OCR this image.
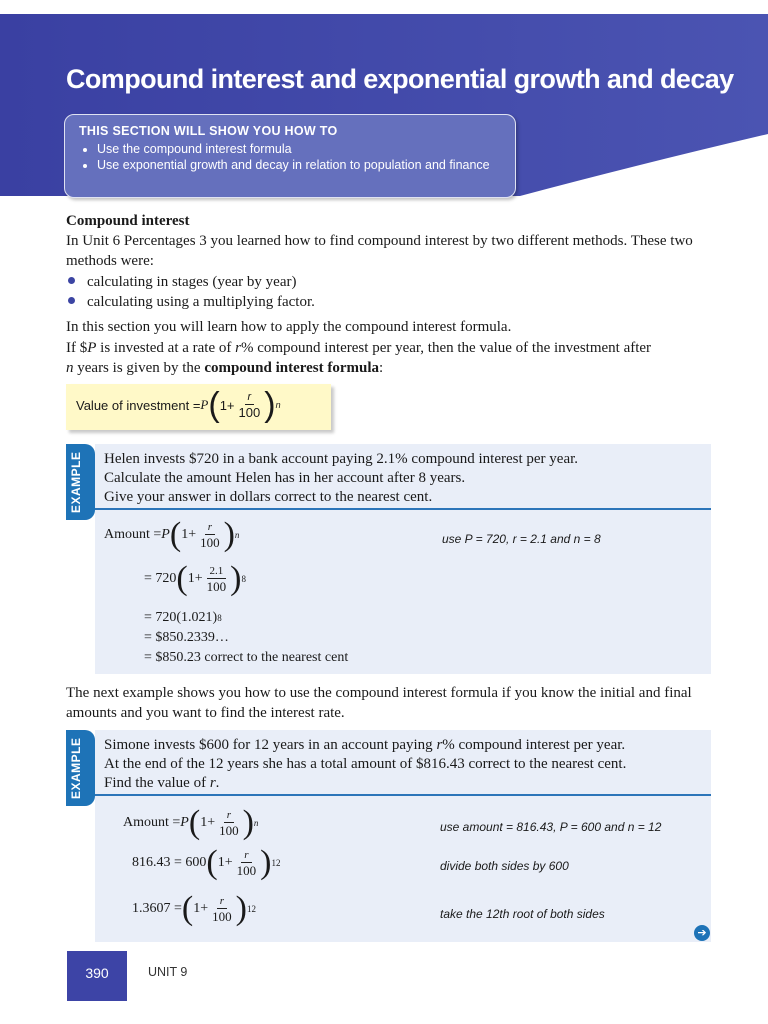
Compound interest and exponential growth and decay
THIS SECTION WILL SHOW YOU HOW TO
• Use the compound interest formula
• Use exponential growth and decay in relation to population and finance
Compound interest

In Unit 6 Percentages 3 you learned how to find compound interest by two different methods. These two methods were:

calculating in stages (year by year)
calculating using a multiplying factor.

In this section you will learn how to apply the compound interest formula.

If $P is invested at a rate of r% compound interest per year, then the value of the investment after
n years is given by the compound interest formula:

Value of investment = P ( $1+ \frac{r}{100}$ ) n
EXAMPLE	Helen invests $720 in a bank account paying 2.1% compound interest per year.
Calculate the amount Helen has in her account after 8 years.
Give your answer in dollars correct to the nearest cent.
Amount = P ( $1+ \frac{r}{100}$ ) n	use P = 720, r = 2.1 and n = 8
= 720 ( $1+ \frac{2.1}{100}$ ) 8
= 720(1.021) 8
= $850.2339…
= $850.23 correct to the nearest cent

The next example shows you how to use the compound interest formula if you know the initial and final amounts and you want to find the interest rate.

EXAMPLE	Simone invests $600 for 12 years in an account paying r% compound interest per year.
At the end of the 12 years she has a total amount of $816.43 correct to the nearest cent.
Find the value of r.
Amount = P ( $1+ \frac{r}{100}$ ) n	use amount = 816.43, P = 600 and n = 12
816.43 = 600 ( $1+ \frac{r}{100}$ ) 12	divide both sides by 600
1.3607 = ( $1+ \frac{r}{100}$ ) 12	take the 12th root of both sides
➔
390	UNIT 9
